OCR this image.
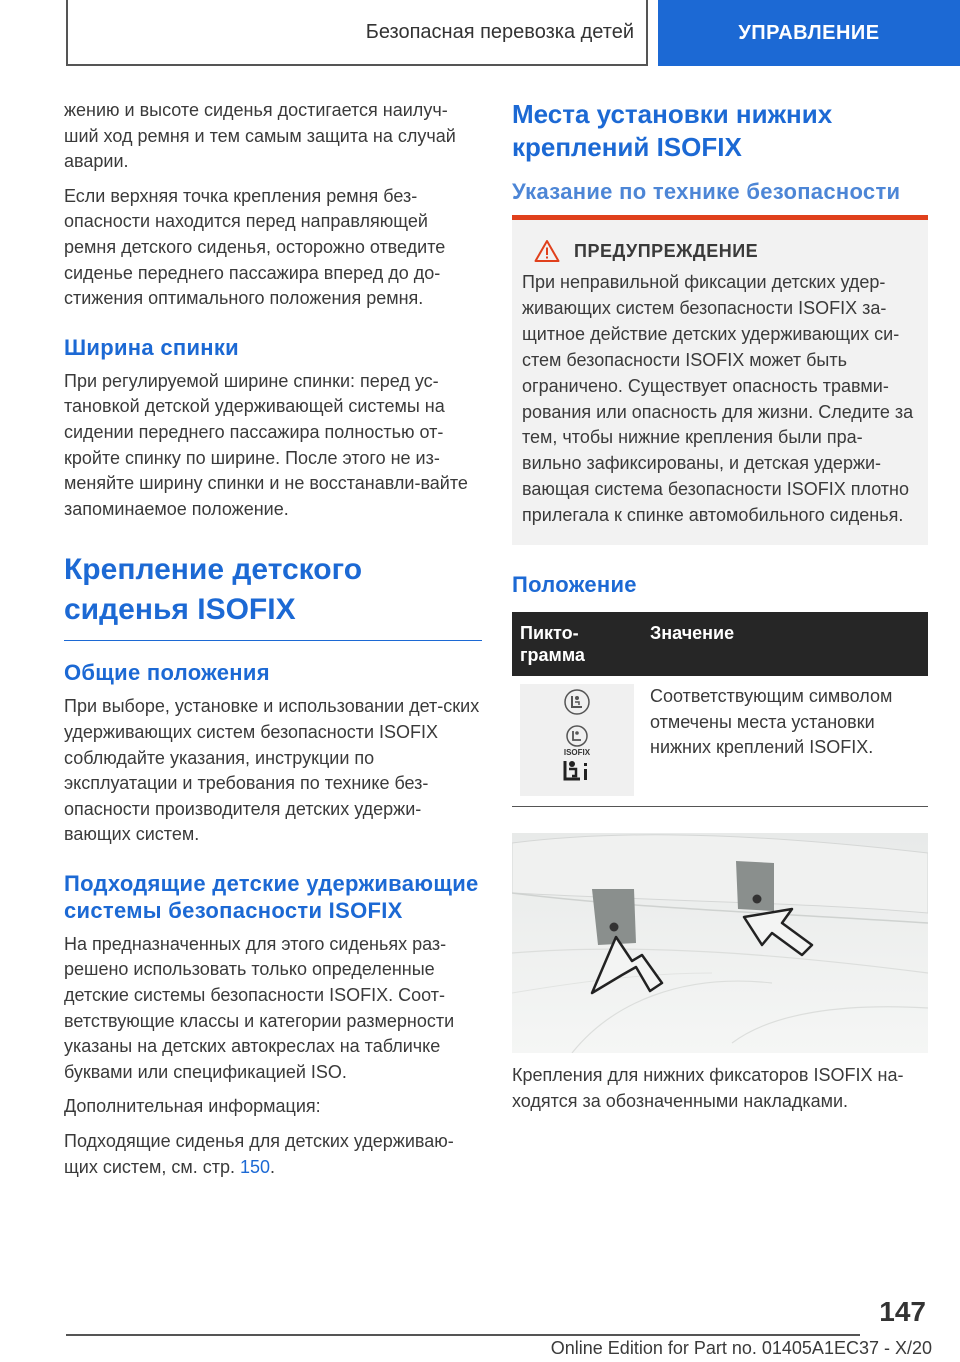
Безопасная перевозка детей	УПРАВЛЕНИЕ

жению и высоте сиденья достигается наилуч-ший ход ремня и тем самым защита на случай аварии.

Если верхняя точка крепления ремня без-опасности находится перед направляющей ремня детского сиденья, осторожно отведите сиденье переднего пассажира вперед до до-стижения оптимального положения ремня.

Ширина спинки

При регулируемой ширине спинки: перед ус-тановкой детской удерживающей системы на сидении переднего пассажира полностью от-кройте спинку по ширине. После этого не из-меняйте ширину спинки и не восстанавли-вайте запоминаемое положение.

Крепление детского
сиденья ISOFIX
Общие положения

При выборе, установке и использовании дет-ских удерживающих систем безопасности ISOFIX соблюдайте указания, инструкции по эксплуатации и требования по технике без-опасности производителя детских удержи-вающих систем.

Подходящие детские удерживающие системы безопасности ISOFIX

На предназначенных для этого сиденьях раз-решено использовать только определенные детские системы безопасности ISOFIX. Соот-ветствующие классы и категории размерности указаны на детских автокреслах на табличке буквами или спецификацией ISO.

Дополнительная информация:

Подходящие сиденья для детских удерживаю-щих систем, см. стр. 150.

Места установки нижних креплений ISOFIX
Указание по технике безопасности
ПРЕДУПРЕЖДЕНИЕ

При неправильной фиксации детских удер-живающих систем безопасности ISOFIX за-щитное действие детских удерживающих си-стем безопасности ISOFIX может быть ограничено. Существует опасность травми-рования или опасность для жизни. Следите за тем, чтобы нижние крепления были пра-вильно зафиксированы, и детская удержи-вающая система безопасности ISOFIX плотно прилегала к спинке автомобильного сиденья.

Положение
Пикто-грамма	Значение

ISOFIX	Соответствующим символом отмечены места установки нижних креплений ISOFIX.

Крепления для нижних фиксаторов ISOFIX на-ходятся за обозначенными накладками.

147
Online Edition for Part no. 01405A1EC37 - X/20
